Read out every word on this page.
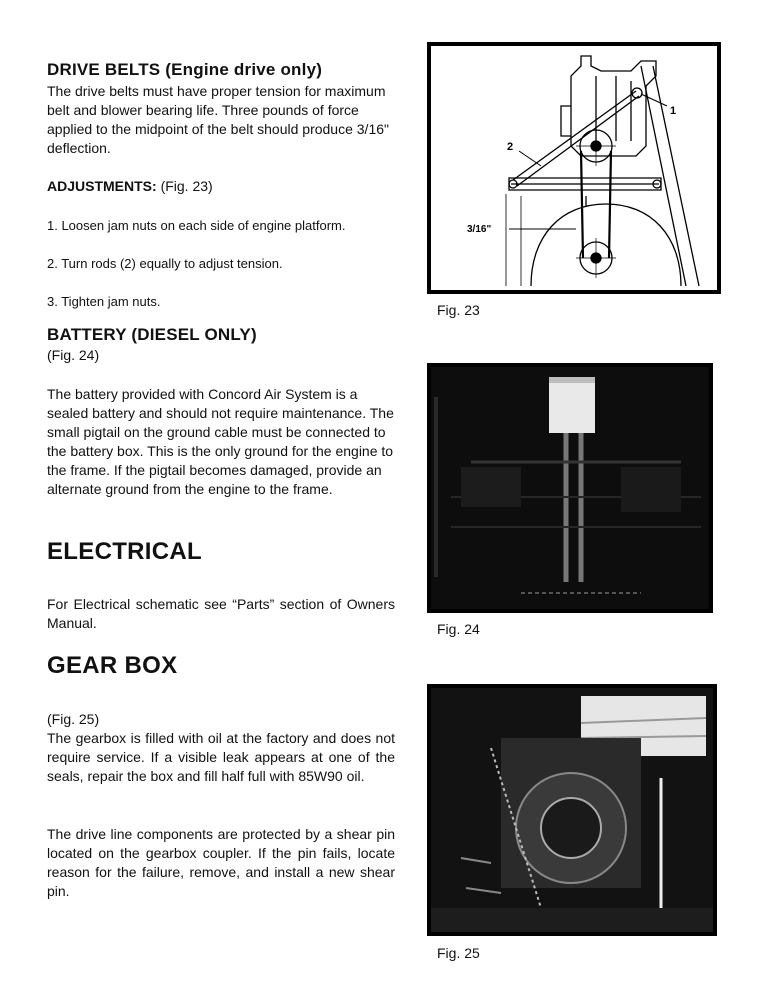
DRIVE BELTS (Engine drive only)
The drive belts must have proper tension for maximum belt and blower bearing life. Three pounds of force applied to the midpoint of the belt should produce 3/16" deflection.
ADJUSTMENTS: (Fig. 23)
1. Loosen jam nuts on each side of engine platform.
2. Turn rods (2) equally to adjust tension.
3. Tighten jam nuts.
BATTERY (DIESEL ONLY)
(Fig. 24)
The battery provided with Concord Air System is a sealed battery and should not require maintenance. The small pigtail on the ground cable must be connected to the battery box. This is the only ground for the engine to the frame. If the pigtail becomes damaged, provide an alternate ground from the engine to the frame.
ELECTRICAL
For Electrical schematic see “Parts” section of Owners Manual.
GEAR BOX
(Fig. 25)
The gearbox is filled with oil at the factory and does not require service. If a visible leak appears at one of the seals, repair the box and fill half full with 85W90 oil.
The drive line components are protected by a shear pin located on the gearbox coupler. If the pin fails, locate reason for the failure, remove, and install a new shear pin.
1
2
3/16"
Fig. 23
Fig. 24
Fig. 25
